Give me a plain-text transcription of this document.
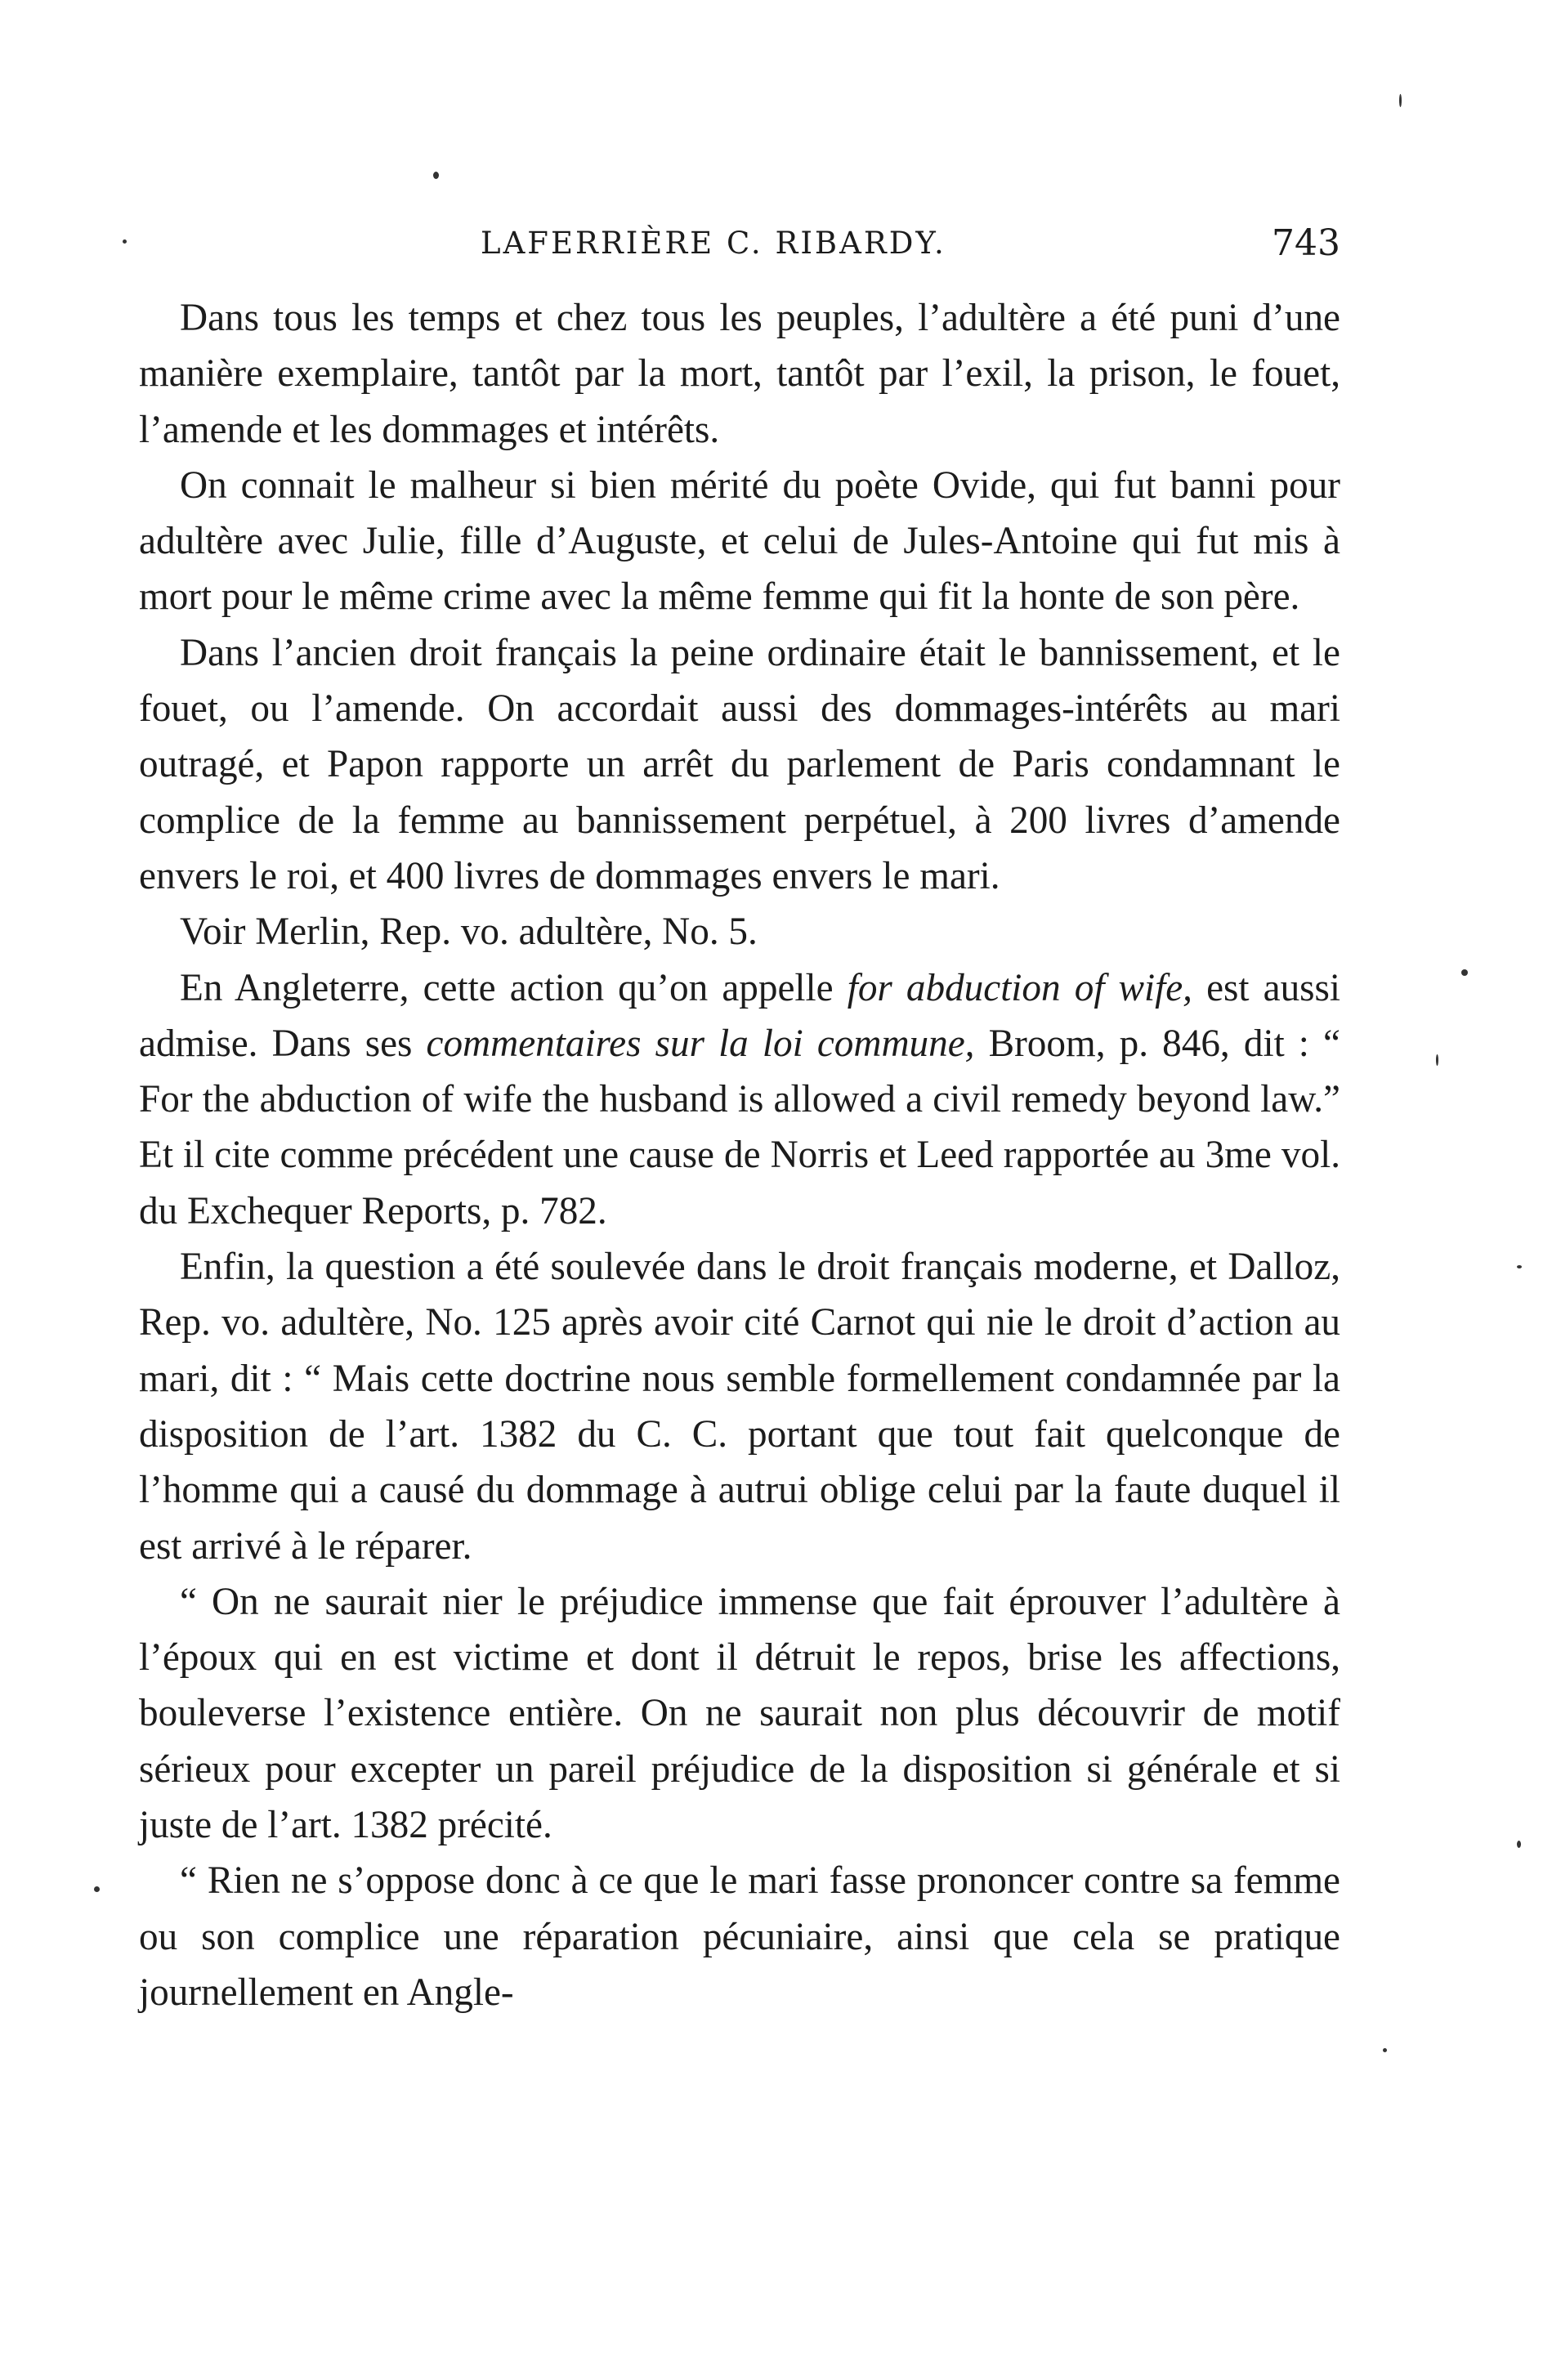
LAFERRIÈRE C. RIBARDY.	743

Dans tous les temps et chez tous les peuples, l’adultère a été puni d’une manière exemplaire, tantôt par la mort, tantôt par l’exil, la prison, le fouet, l’amende et les dommages et intérêts.

On connait le malheur si bien mérité du poète Ovide, qui fut banni pour adultère avec Julie, fille d’Auguste, et celui de Jules-Antoine qui fut mis à mort pour le même crime avec la même femme qui fit la honte de son père.

Dans l’ancien droit français la peine ordinaire était le bannissement, et le fouet, ou l’amende. On accordait aussi des dommages-intérêts au mari outragé, et Papon rapporte un arrêt du parlement de Paris condamnant le complice de la femme au bannissement perpétuel, à 200 livres d’amende envers le roi, et 400 livres de dommages envers le mari.

Voir Merlin, Rep. vo. adultère, No. 5.

En Angleterre, cette action qu’on appelle for abduction of wife, est aussi admise. Dans ses commentaires sur la loi commune, Broom, p. 846, dit : “ For the abduction of wife the husband is allowed a civil remedy beyond law.” Et il cite comme précédent une cause de Norris et Leed rapportée au 3me vol. du Exchequer Reports, p. 782.

Enfin, la question a été soulevée dans le droit français moderne, et Dalloz, Rep. vo. adultère, No. 125 après avoir cité Carnot qui nie le droit d’action au mari, dit : “ Mais cette doctrine nous semble formellement condamnée par la disposition de l’art. 1382 du C. C. portant que tout fait quelconque de l’homme qui a causé du dommage à autrui oblige celui par la faute duquel il est arrivé à le réparer.

“ On ne saurait nier le préjudice immense que fait éprouver l’adultère à l’époux qui en est victime et dont il détruit le repos, brise les affections, bouleverse l’existence entière. On ne saurait non plus découvrir de motif sérieux pour excepter un pareil préjudice de la disposition si générale et si juste de l’art. 1382 précité.

“ Rien ne s’oppose donc à ce que le mari fasse prononcer contre sa femme ou son complice une réparation pécuniaire, ainsi que cela se pratique journellement en Angle-
